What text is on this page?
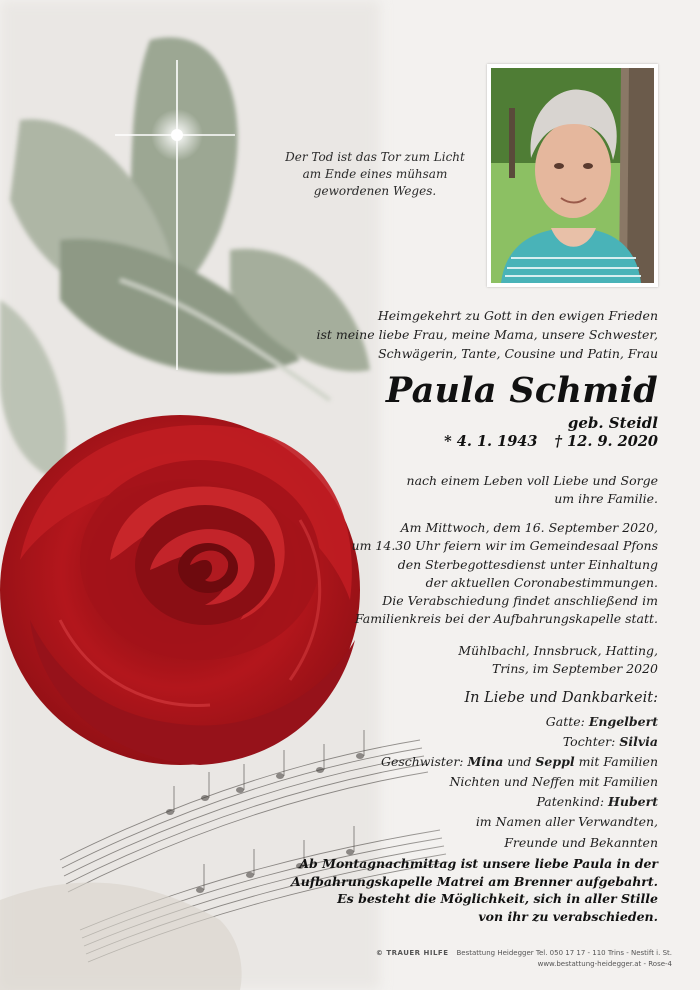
Der Tod ist das Tor zum Licht
am Ende eines mühsam
gewordenen Weges.
Heimgekehrt zu Gott in den ewigen Frieden
ist meine liebe Frau, meine Mama, unsere Schwester,
Schwägerin, Tante, Cousine und Patin, Frau
Paula Schmid
geb. Steidl
* 4. 1. 1943 † 12. 9. 2020
nach einem Leben voll Liebe und Sorge
um ihre Familie.
Am Mittwoch, dem 16. September 2020,
um 14.30 Uhr feiern wir im Gemeindesaal Pfons
den Sterbegottesdienst unter Einhaltung
der aktuellen Coronabestimmungen.
Die Verabschiedung findet anschließend im
Familienkreis bei der Aufbahrungskapelle statt.
Mühlbachl, Innsbruck, Hatting,
Trins, im September 2020
In Liebe und Dankbarkeit:
Gatte: Engelbert
Tochter: Silvia
Geschwister: Mina und Seppl mit Familien
Nichten und Neffen mit Familien
Patenkind: Hubert
im Namen aller Verwandten,
Freunde und Bekannten
Ab Montagnachmittag ist unsere liebe Paula in der
Aufbahrungskapelle Matrei am Brenner aufgebahrt.
Es besteht die Möglichkeit, sich in aller Stille
von ihr zu verabschieden.
© TRAUER HILFE Bestattung Heidegger Tel. 050 17 17 - 110 Trins - Nestift i. St.
www.bestattung-heidegger.at - Rose-4
